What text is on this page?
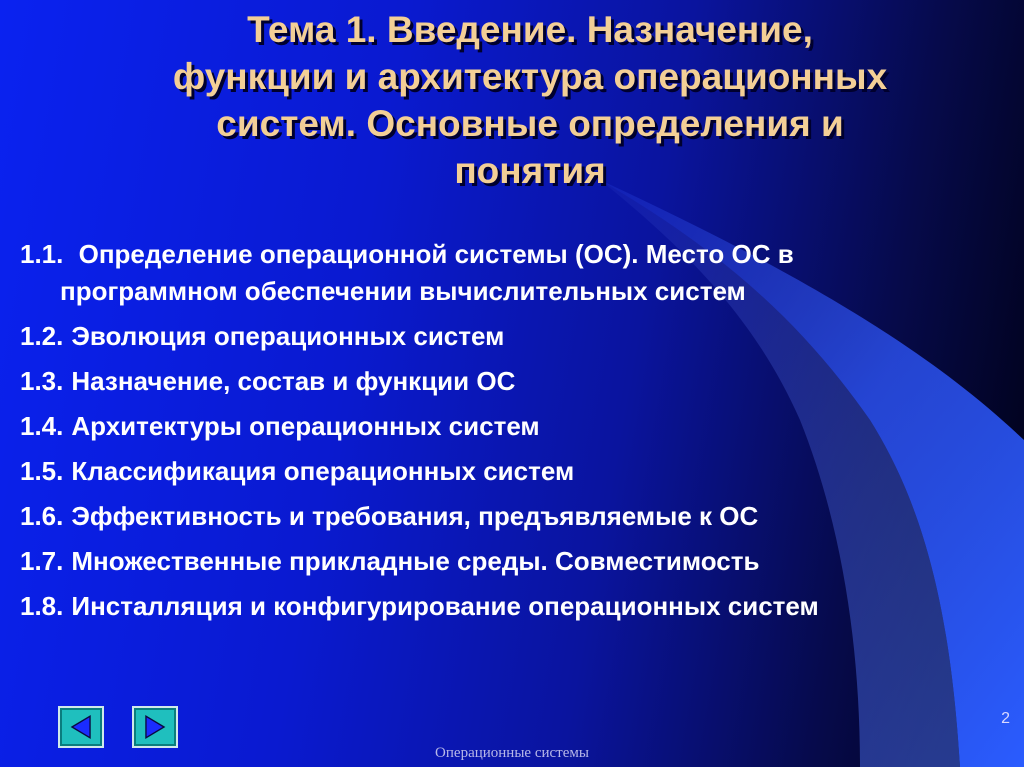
Тема 1. Введение. Назначение,
функции и архитектура операционных
систем. Основные определения и
понятия
1.1. Определение операционной системы (ОС). Место ОС в программном обеспечении вычислительных систем
1.2. Эволюция операционных систем
1.3. Назначение, состав и функции ОС
1.4. Архитектуры операционных систем
1.5. Классификация операционных систем
1.6. Эффективность и требования, предъявляемые к ОС
1.7. Множественные прикладные среды. Совместимость
1.8. Инсталляция и конфигурирование операционных систем
2
Операционные системы
